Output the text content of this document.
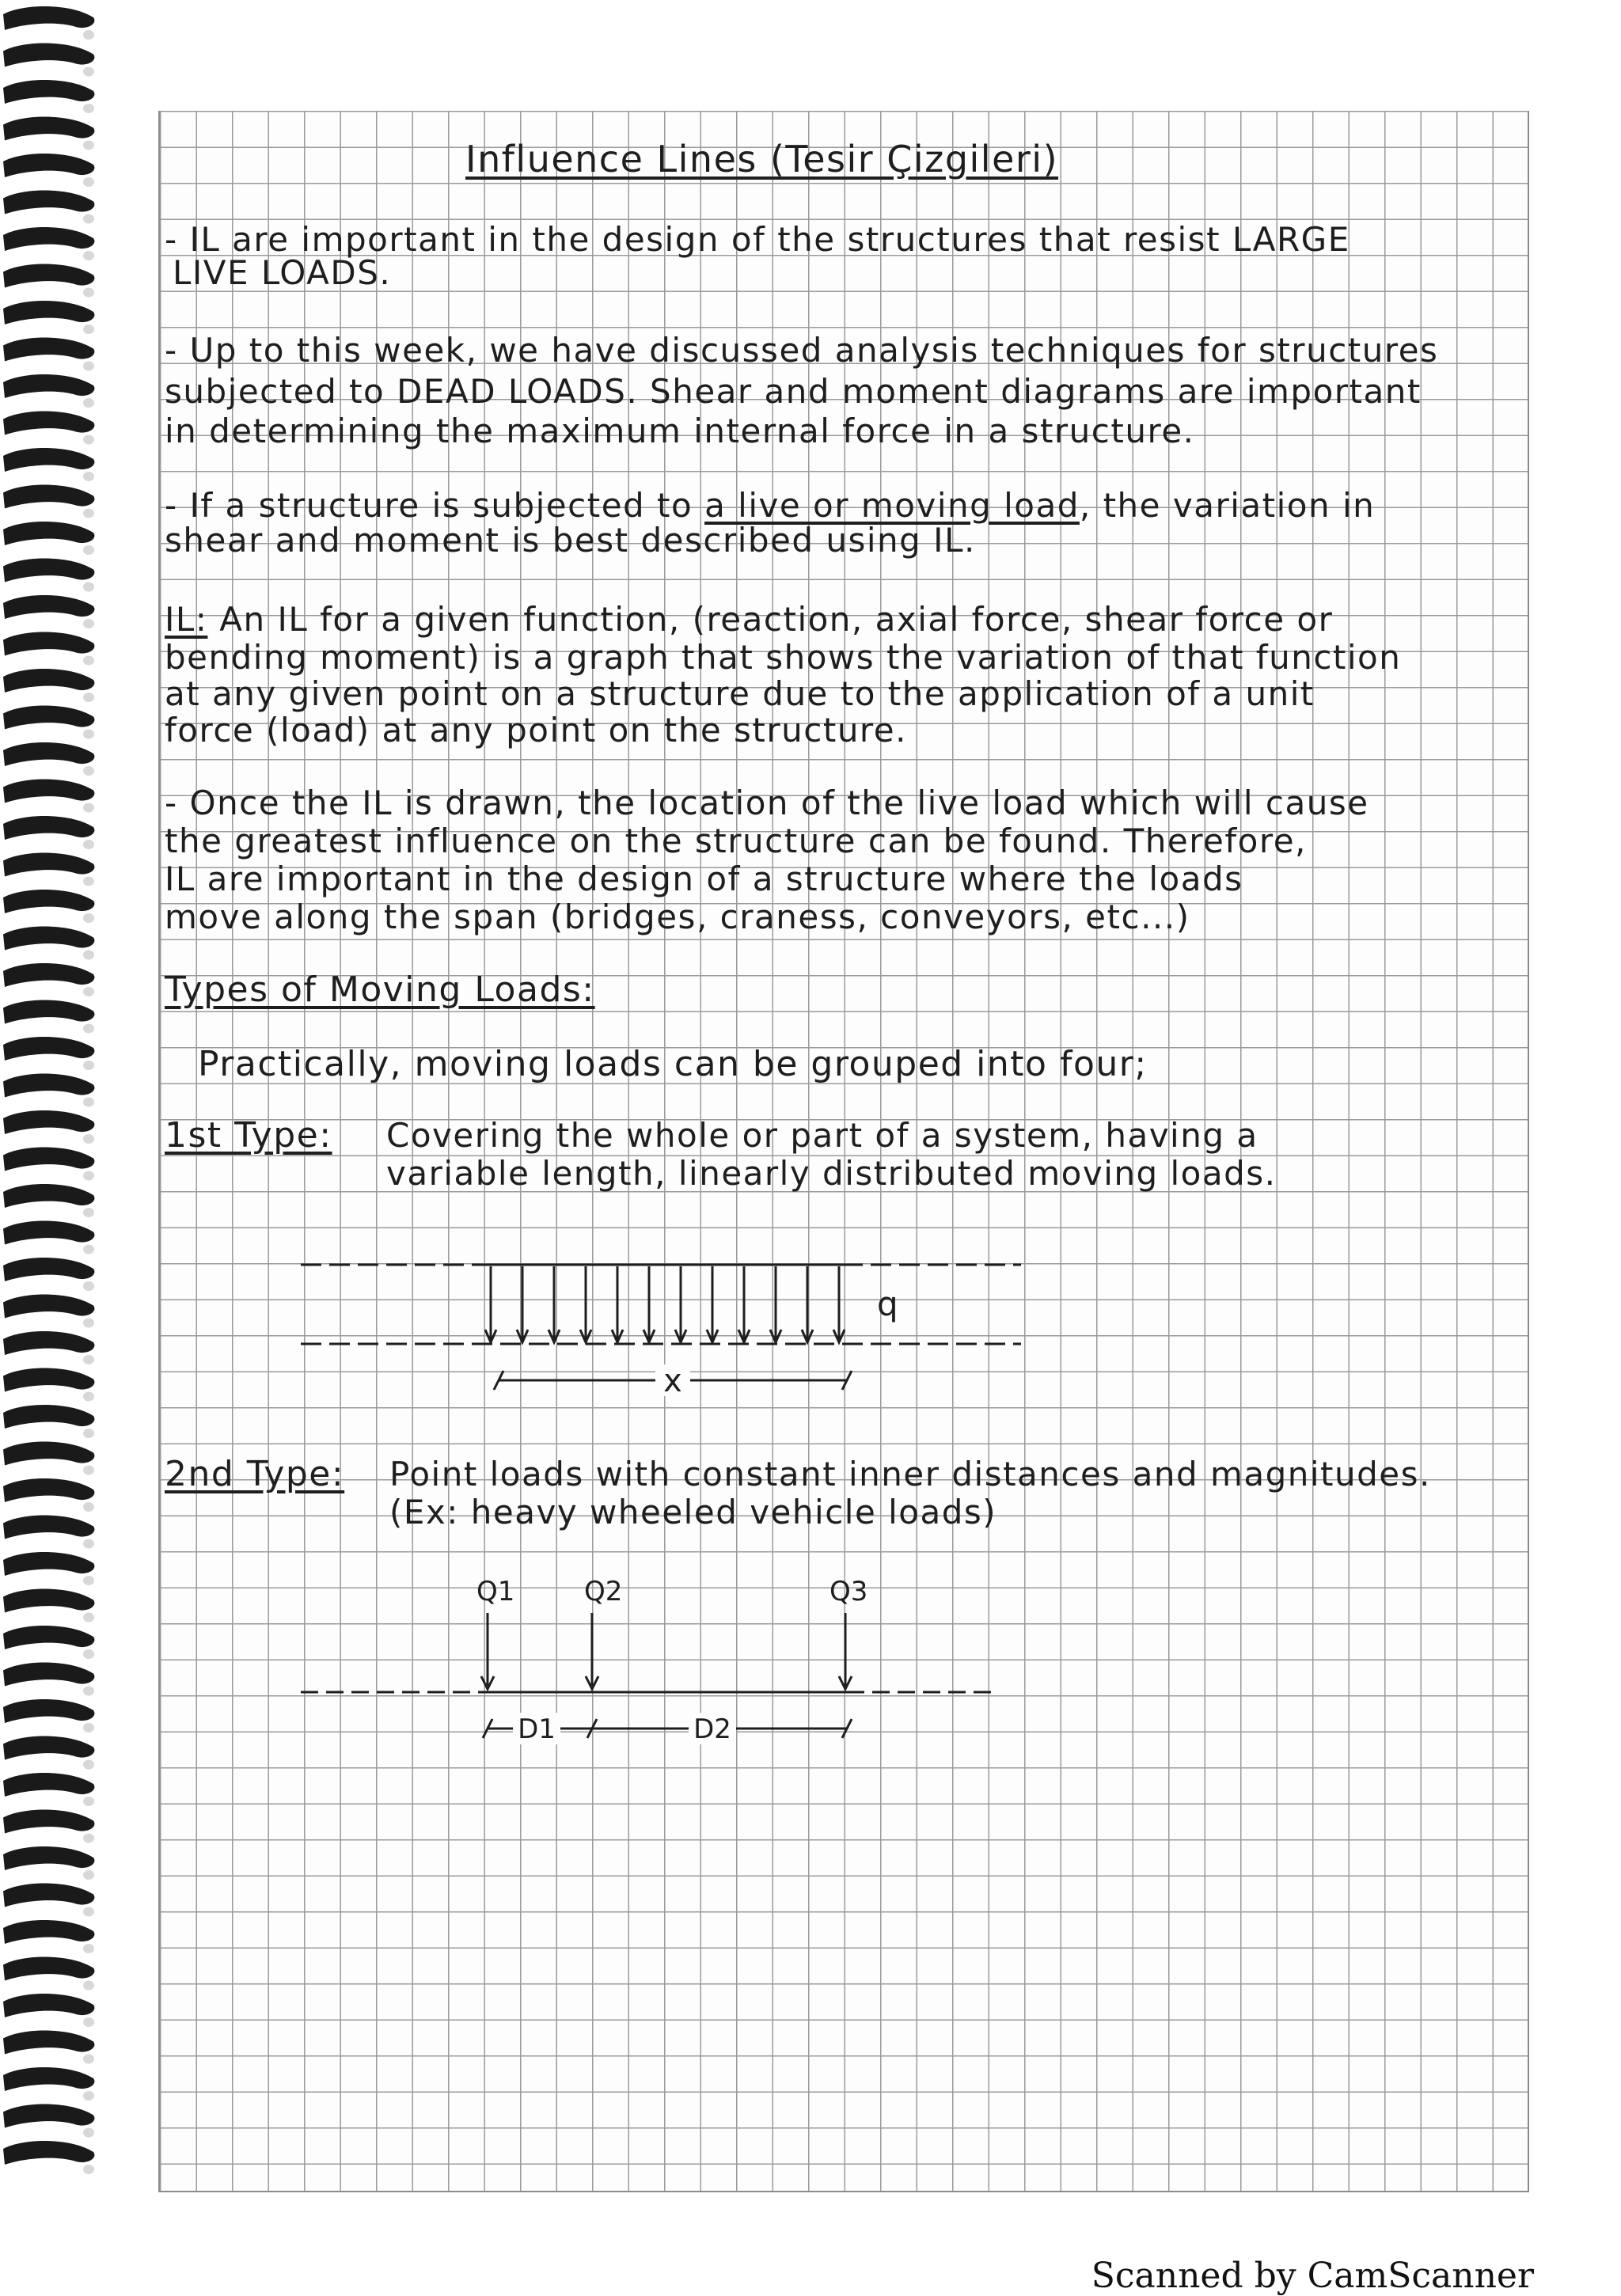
Influence Lines (Tesir Çizgileri)
- IL are important in the design of the structures that resist LARGE
LIVE LOADS.
- Up to this week, we have discussed analysis techniques for structures
subjected to DEAD LOADS. Shear and moment diagrams are important
in determining the maximum internal force in a structure.
- If a structure is subjected to a live or moving load, the variation in
shear and moment is best described using IL.
IL: An IL for a given function, (reaction, axial force, shear force or
bending moment) is a graph that shows the variation of that function
at any given point on a structure due to the application of a unit
force (load) at any point on the structure.
- Once the IL is drawn, the location of the live load which will cause
the greatest influence on the structure can be found. Therefore,
IL are important in the design of a structure where the loads
move along the span (bridges, craness, conveyors, etc...)
Types of Moving Loads:
Practically, moving loads can be grouped into four;
1st Type: Covering the whole or part of a system, having a
variable length, linearly distributed moving loads.
2nd Type: Point loads with constant inner distances and magnitudes.
(Ex: heavy wheeled vehicle loads)
x
q
Q1	Q2	Q3
D1	D2
Scanned by CamScanner
